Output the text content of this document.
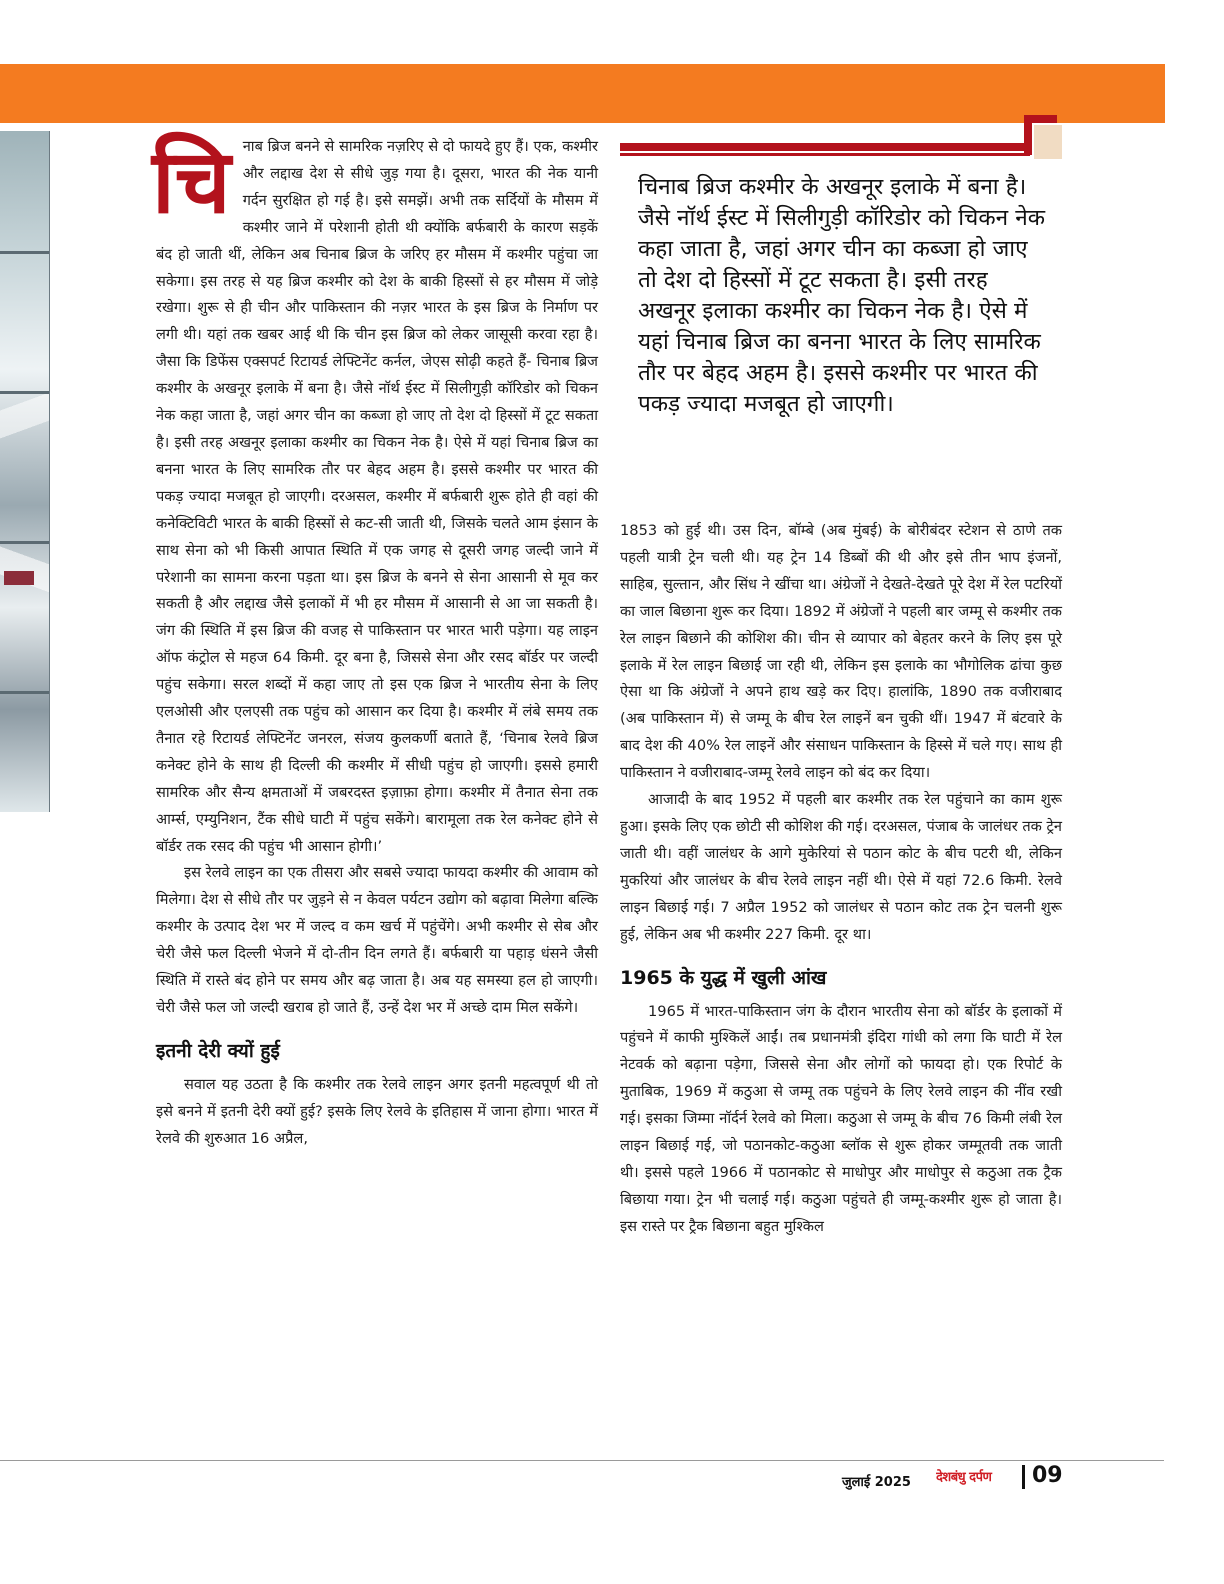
चिनाब ब्रिज बनने से सामरिक नज़रिए से दो फायदे हुए हैं। एक, कश्मीर और लद्दाख देश से सीधे जुड़ गया है। दूसरा, भारत की नेक यानी गर्दन सुरक्षित हो गई है। इसे समझें। अभी तक सर्दियों के मौसम में कश्मीर जाने में परेशानी होती थी क्योंकि बर्फबारी के कारण सड़कें बंद हो जाती थीं, लेकिन अब चिनाब ब्रिज के जरिए हर मौसम में कश्मीर पहुंचा जा सकेगा। इस तरह से यह ब्रिज कश्मीर को देश के बाकी हिस्सों से हर मौसम में जोड़े रखेगा। शुरू से ही चीन और पाकिस्तान की नज़र भारत के इस ब्रिज के निर्माण पर लगी थी। यहां तक खबर आई थी कि चीन इस ब्रिज को लेकर जासूसी करवा रहा है। जैसा कि डिफेंस एक्सपर्ट रिटायर्ड लेफ्टिनेंट कर्नल, जेएस सोढ़ी कहते हैं- चिनाब ब्रिज कश्मीर के अखनूर इलाके में बना है। जैसे नॉर्थ ईस्ट में सिलीगुड़ी कॉरिडोर को चिकन नेक कहा जाता है, जहां अगर चीन का कब्जा हो जाए तो देश दो हिस्सों में टूट सकता है। इसी तरह अखनूर इलाका कश्मीर का चिकन नेक है। ऐसे में यहां चिनाब ब्रिज का बनना भारत के लिए सामरिक तौर पर बेहद अहम है। इससे कश्मीर पर भारत की पकड़ ज्यादा मजबूत हो जाएगी। दरअसल, कश्मीर में बर्फबारी शुरू होते ही वहां की कनेक्टिविटी भारत के बाकी हिस्सों से कट-सी जाती थी, जिसके चलते आम इंसान के साथ सेना को भी किसी आपात स्थिति में एक जगह से दूसरी जगह जल्दी जाने में परेशानी का सामना करना पड़ता था। इस ब्रिज के बनने से सेना आसानी से मूव कर सकती है और लद्दाख जैसे इलाकों में भी हर मौसम में आसानी से आ जा सकती है। जंग की स्थिति में इस ब्रिज की वजह से पाकिस्तान पर भारत भारी पड़ेगा। यह लाइन ऑफ कंट्रोल से महज 64 किमी. दूर बना है, जिससे सेना और रसद बॉर्डर पर जल्दी पहुंच सकेगा। सरल शब्दों में कहा जाए तो इस एक ब्रिज ने भारतीय सेना के लिए एलओसी और एलएसी तक पहुंच को आसान कर दिया है। कश्मीर में लंबे समय तक तैनात रहे रिटायर्ड लेफ्टिनेंट जनरल, संजय कुलकर्णी बताते हैं, ‘चिनाब रेलवे ब्रिज कनेक्ट होने के साथ ही दिल्ली की कश्मीर में सीधी पहुंच हो जाएगी। इससे हमारी सामरिक और सैन्य क्षमताओं में जबरदस्त इज़ाफ़ा होगा। कश्मीर में तैनात सेना तक आर्म्स, एम्युनिशन, टैंक सीधे घाटी में पहुंच सकेंगे। बारामूला तक रेल कनेक्ट होने से बॉर्डर तक रसद की पहुंच भी आसान होगी।’

इस रेलवे लाइन का एक तीसरा और सबसे ज्यादा फायदा कश्मीर की आवाम को मिलेगा। देश से सीधे तौर पर जुड़ने से न केवल पर्यटन उद्योग को बढ़ावा मिलेगा बल्कि कश्मीर के उत्पाद देश भर में जल्द व कम खर्च में पहुंचेंगे। अभी कश्मीर से सेब और चेरी जैसे फल दिल्ली भेजने में दो-तीन दिन लगते हैं। बर्फबारी या पहाड़ धंसने जैसी स्थिति में रास्ते बंद होने पर समय और बढ़ जाता है। अब यह समस्या हल हो जाएगी। चेरी जैसे फल जो जल्दी खराब हो जाते हैं, उन्हें देश भर में अच्छे दाम मिल सकेंगे।

इतनी देरी क्यों हुई

सवाल यह उठता है कि कश्मीर तक रेलवे लाइन अगर इतनी महत्वपूर्ण थी तो इसे बनने में इतनी देरी क्यों हुई? इसके लिए रेलवे के इतिहास में जाना होगा। भारत में रेलवे की शुरुआत 16 अप्रैल,

चिनाब ब्रिज कश्मीर के अखनूर इलाके में बना है। जैसे नॉर्थ ईस्ट में सिलीगुड़ी कॉरिडोर को चिकन नेक कहा जाता है, जहां अगर चीन का कब्जा हो जाए तो देश दो हिस्सों में टूट सकता है। इसी तरह अखनूर इलाका कश्मीर का चिकन नेक है। ऐसे में यहां चिनाब ब्रिज का बनना भारत के लिए सामरिक तौर पर बेहद अहम है। इससे कश्मीर पर भारत की पकड़ ज्यादा मजबूत हो जाएगी।

1853 को हुई थी। उस दिन, बॉम्बे (अब मुंबई) के बोरीबंदर स्टेशन से ठाणे तक पहली यात्री ट्रेन चली थी। यह ट्रेन 14 डिब्बों की थी और इसे तीन भाप इंजनों, साहिब, सुल्तान, और सिंध ने खींचा था। अंग्रेजों ने देखते-देखते पूरे देश में रेल पटरियों का जाल बिछाना शुरू कर दिया। 1892 में अंग्रेजों ने पहली बार जम्मू से कश्मीर तक रेल लाइन बिछाने की कोशिश की। चीन से व्यापार को बेहतर करने के लिए इस पूरे इलाके में रेल लाइन बिछाई जा रही थी, लेकिन इस इलाके का भौगोलिक ढांचा कुछ ऐसा था कि अंग्रेजों ने अपने हाथ खड़े कर दिए। हालांकि, 1890 तक वजीराबाद (अब पाकिस्तान में) से जम्मू के बीच रेल लाइनें बन चुकी थीं। 1947 में बंटवारे के बाद देश की 40% रेल लाइनें और संसाधन पाकिस्तान के हिस्से में चले गए। साथ ही पाकिस्तान ने वजीराबाद-जम्मू रेलवे लाइन को बंद कर दिया।

आजादी के बाद 1952 में पहली बार कश्मीर तक रेल पहुंचाने का काम शुरू हुआ। इसके लिए एक छोटी सी कोशिश की गई। दरअसल, पंजाब के जालंधर तक ट्रेन जाती थी। वहीं जालंधर के आगे मुकेरियां से पठान कोट के बीच पटरी थी, लेकिन मुकरियां और जालंधर के बीच रेलवे लाइन नहीं थी। ऐसे में यहां 72.6 किमी. रेलवे लाइन बिछाई गई। 7 अप्रैल 1952 को जालंधर से पठान कोट तक ट्रेन चलनी शुरू हुई, लेकिन अब भी कश्मीर 227 किमी. दूर था।

1965 के युद्ध में खुली आंख

1965 में भारत-पाकिस्तान जंग के दौरान भारतीय सेना को बॉर्डर के इलाकों में पहुंचने में काफी मुश्किलें आईं। तब प्रधानमंत्री इंदिरा गांधी को लगा कि घाटी में रेल नेटवर्क को बढ़ाना पड़ेगा, जिससे सेना और लोगों को फायदा हो। एक रिपोर्ट के मुताबिक, 1969 में कठुआ से जम्मू तक पहुंचने के लिए रेलवे लाइन की नींव रखी गई। इसका जिम्मा नॉर्दर्न रेलवे को मिला। कठुआ से जम्मू के बीच 76 किमी लंबी रेल लाइन बिछाई गई, जो पठानकोट-कठुआ ब्लॉक से शुरू होकर जम्मूतवी तक जाती थी। इससे पहले 1966 में पठानकोट से माधोपुर और माधोपुर से कठुआ तक ट्रैक बिछाया गया। ट्रेन भी चलाई गई। कठुआ पहुंचते ही जम्मू-कश्मीर शुरू हो जाता है। इस रास्ते पर ट्रैक बिछाना बहुत मुश्किल

जुलाई 2025 देशबंधु दर्पण	09
